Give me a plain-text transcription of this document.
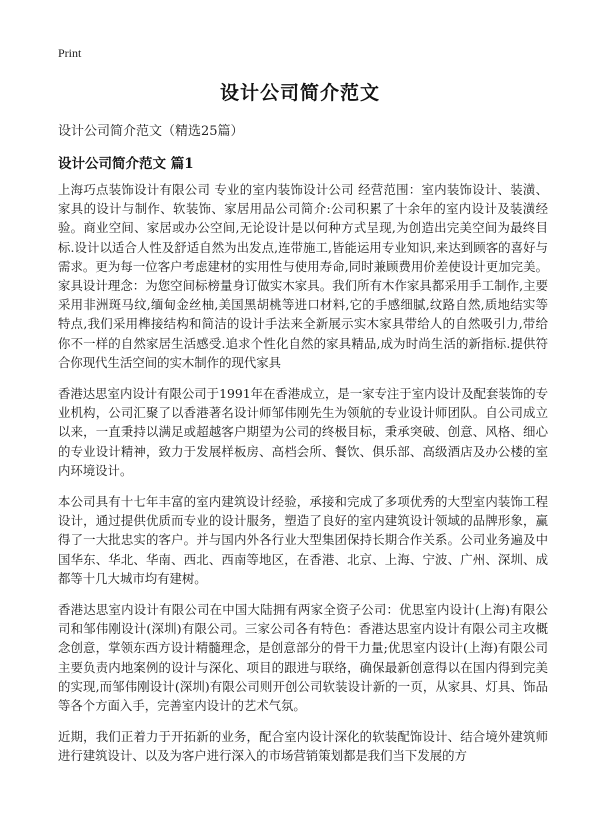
Print
设计公司简介范文
设计公司简介范文（精选25篇）
设计公司简介范文 篇1

上海巧点装饰设计有限公司 专业的室内装饰设计公司 经营范围：室内装饰设计、装潢、家具的设计与制作、软装饰、家居用品公司简介:公司积累了十余年的室内设计及装潢经验。商业空间、家居或办公空间,无论设计是以何种方式呈现,为创造出完美空间为最终目标.设计以适合人性及舒适自然为出发点,连带施工,皆能运用专业知识,来达到顾客的喜好与需求。更为每一位客户考虑建材的实用性与使用寿命,同时兼顾费用价差使设计更加完美。 家具设计理念：为您空间标榜量身订做实木家具。我们所有木作家具都采用手工制作,主要采用非洲斑马纹,缅甸金丝柚,美国黑胡桃等进口材料,它的手感细腻,纹路自然,质地结实等特点,我们采用榫接结构和简洁的设计手法来全新展示实木家具带给人的自然吸引力,带给你不一样的自然家居生活感受.追求个性化自然的家具精品,成为时尚生活的新指标.提供符合你现代生活空间的实木制作的现代家具

香港达思室内设计有限公司于1991年在香港成立，是一家专注于室内设计及配套装饰的专业机构，公司汇聚了以香港著名设计师邹伟刚先生为领航的专业设计师团队。自公司成立以来，一直秉持以满足或超越客户期望为公司的终极目标，秉承突破、创意、风格、细心的专业设计精神，致力于发展样板房、高档会所、餐饮、俱乐部、高级酒店及办公楼的室内环境设计。

本公司具有十七年丰富的室内建筑设计经验，承接和完成了多项优秀的大型室内装饰工程设计，通过提供优质而专业的设计服务，塑造了良好的室内建筑设计领域的品牌形象，赢得了一大批忠实的客户。并与国内外各行业大型集团保持长期合作关系。公司业务遍及中国华东、华北、华南、西北、西南等地区，在香港、北京、上海、宁波、广州、深圳、成都等十几大城市均有建树。

香港达思室内设计有限公司在中国大陆拥有两家全资子公司：优思室内设计(上海)有限公司和邹伟刚设计(深圳)有限公司。三家公司各有特色：香港达思室内设计有限公司主攻概念创意，掌领东西方设计精髓理念，是创意部分的骨干力量;优思室内设计(上海)有限公司主要负责内地案例的设计与深化、项目的跟进与联络，确保最新创意得以在国内得到完美的实现,而邹伟刚设计(深圳)有限公司则开创公司软装设计新的一页，从家具、灯具、饰品等各个方面入手，完善室内设计的艺术气氛。

近期，我们正着力于开拓新的业务，配合室内设计深化的软装配饰设计、结合境外建筑师进行建筑设计、以及为客户进行深入的市场营销策划都是我们当下发展的方
